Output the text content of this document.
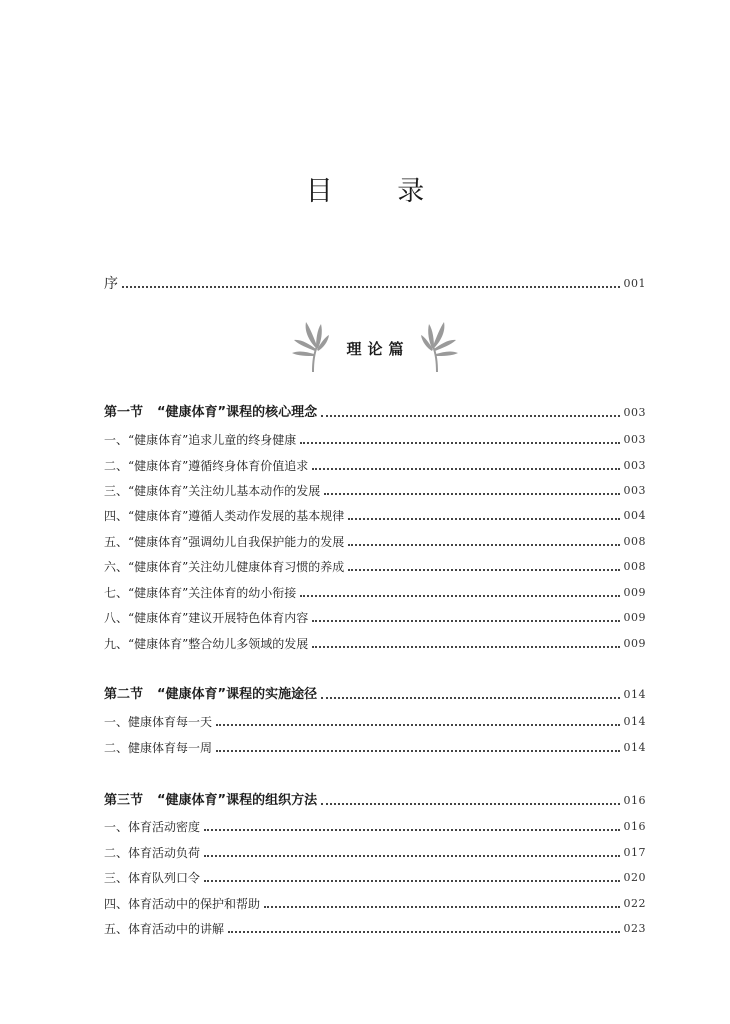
目 录
序	001
理论篇
第一节 “健康体育”课程的核心理念	003
一、“健康体育”追求儿童的终身健康	003
二、“健康体育”遵循终身体育价值追求	003
三、“健康体育”关注幼儿基本动作的发展	003
四、“健康体育”遵循人类动作发展的基本规律	004
五、“健康体育”强调幼儿自我保护能力的发展	008
六、“健康体育”关注幼儿健康体育习惯的养成	008
七、“健康体育”关注体育的幼小衔接	009
八、“健康体育”建议开展特色体育内容	009
九、“健康体育”整合幼儿多领域的发展	009
第二节 “健康体育”课程的实施途径	014
一、健康体育每一天	014
二、健康体育每一周	014
第三节 “健康体育”课程的组织方法	016
一、体育活动密度	016
二、体育活动负荷	017
三、体育队列口令	020
四、体育活动中的保护和帮助	022
五、体育活动中的讲解	023
